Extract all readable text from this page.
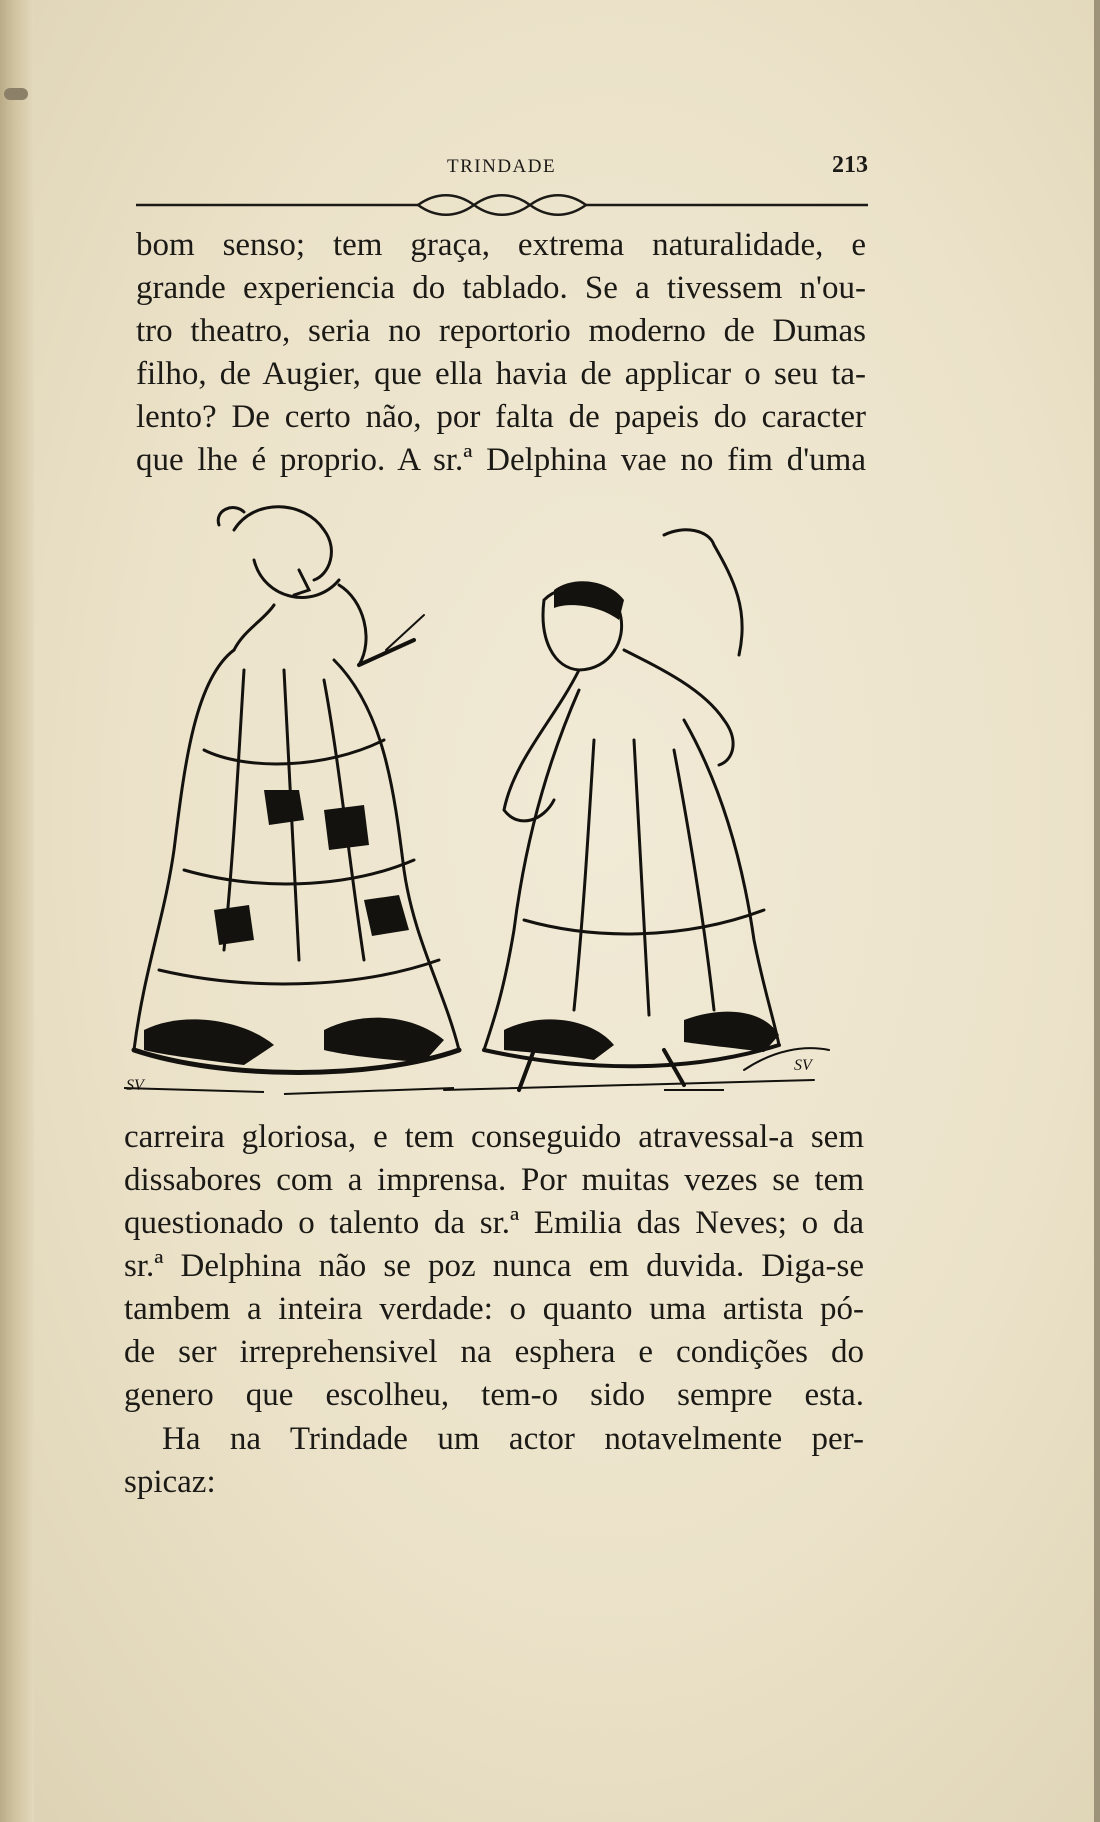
TRINDADE	213
bom senso; tem graça, extrema naturalidade, e
grande experiencia do tablado. Se a tivessem n'ou-
tro theatro, seria no reportorio moderno de Dumas
filho, de Augier, que ella havia de applicar o seu ta-
lento? De certo não, por falta de papeis do caracter
que lhe é proprio. A sr.ª Delphina vae no fim d'uma
SV
SV
carreira gloriosa, e tem conseguido atravessal-a sem
dissabores com a imprensa. Por muitas vezes se tem
questionado o talento da sr.ª Emilia das Neves; o da
sr.ª Delphina não se poz nunca em duvida. Diga-se
tambem a inteira verdade: o quanto uma artista pó-
de ser irreprehensivel na esphera e condições do
genero que escolheu, tem-o sido sempre esta.
Ha na Trindade um actor notavelmente per-
spicaz:
